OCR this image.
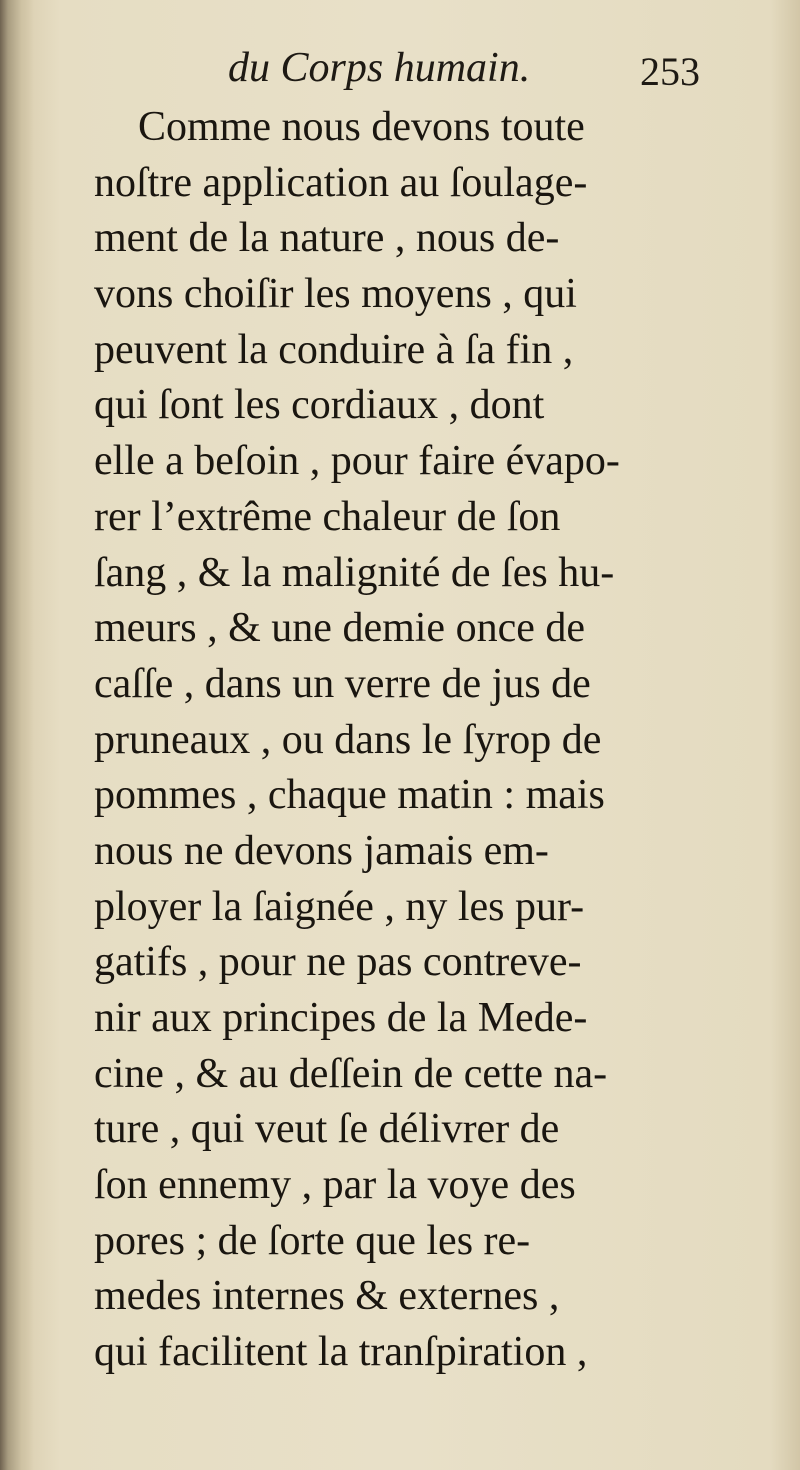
du Corps humain.	253
Comme nous devons toute
noſtre application au ſoulage-
ment de la nature , nous de-
vons choiſir les moyens , qui
peuvent la conduire à ſa fin ,
qui ſont les cordiaux , dont
elle a beſoin , pour faire évapo-
rer l’extrême chaleur de ſon
ſang , & la malignité de ſes hu-
meurs , & une demie once de
caſſe , dans un verre de jus de
pruneaux , ou dans le ſyrop de
pommes , chaque matin : mais
nous ne devons jamais em-
ployer la ſaignée , ny les pur-
gatifs , pour ne pas contreve-
nir aux principes de la Mede-
cine , & au deſſein de cette na-
ture , qui veut ſe délivrer de
ſon ennemy , par la voye des
pores ; de ſorte que les re-
medes internes & externes ,
qui facilitent la tranſpiration ,
